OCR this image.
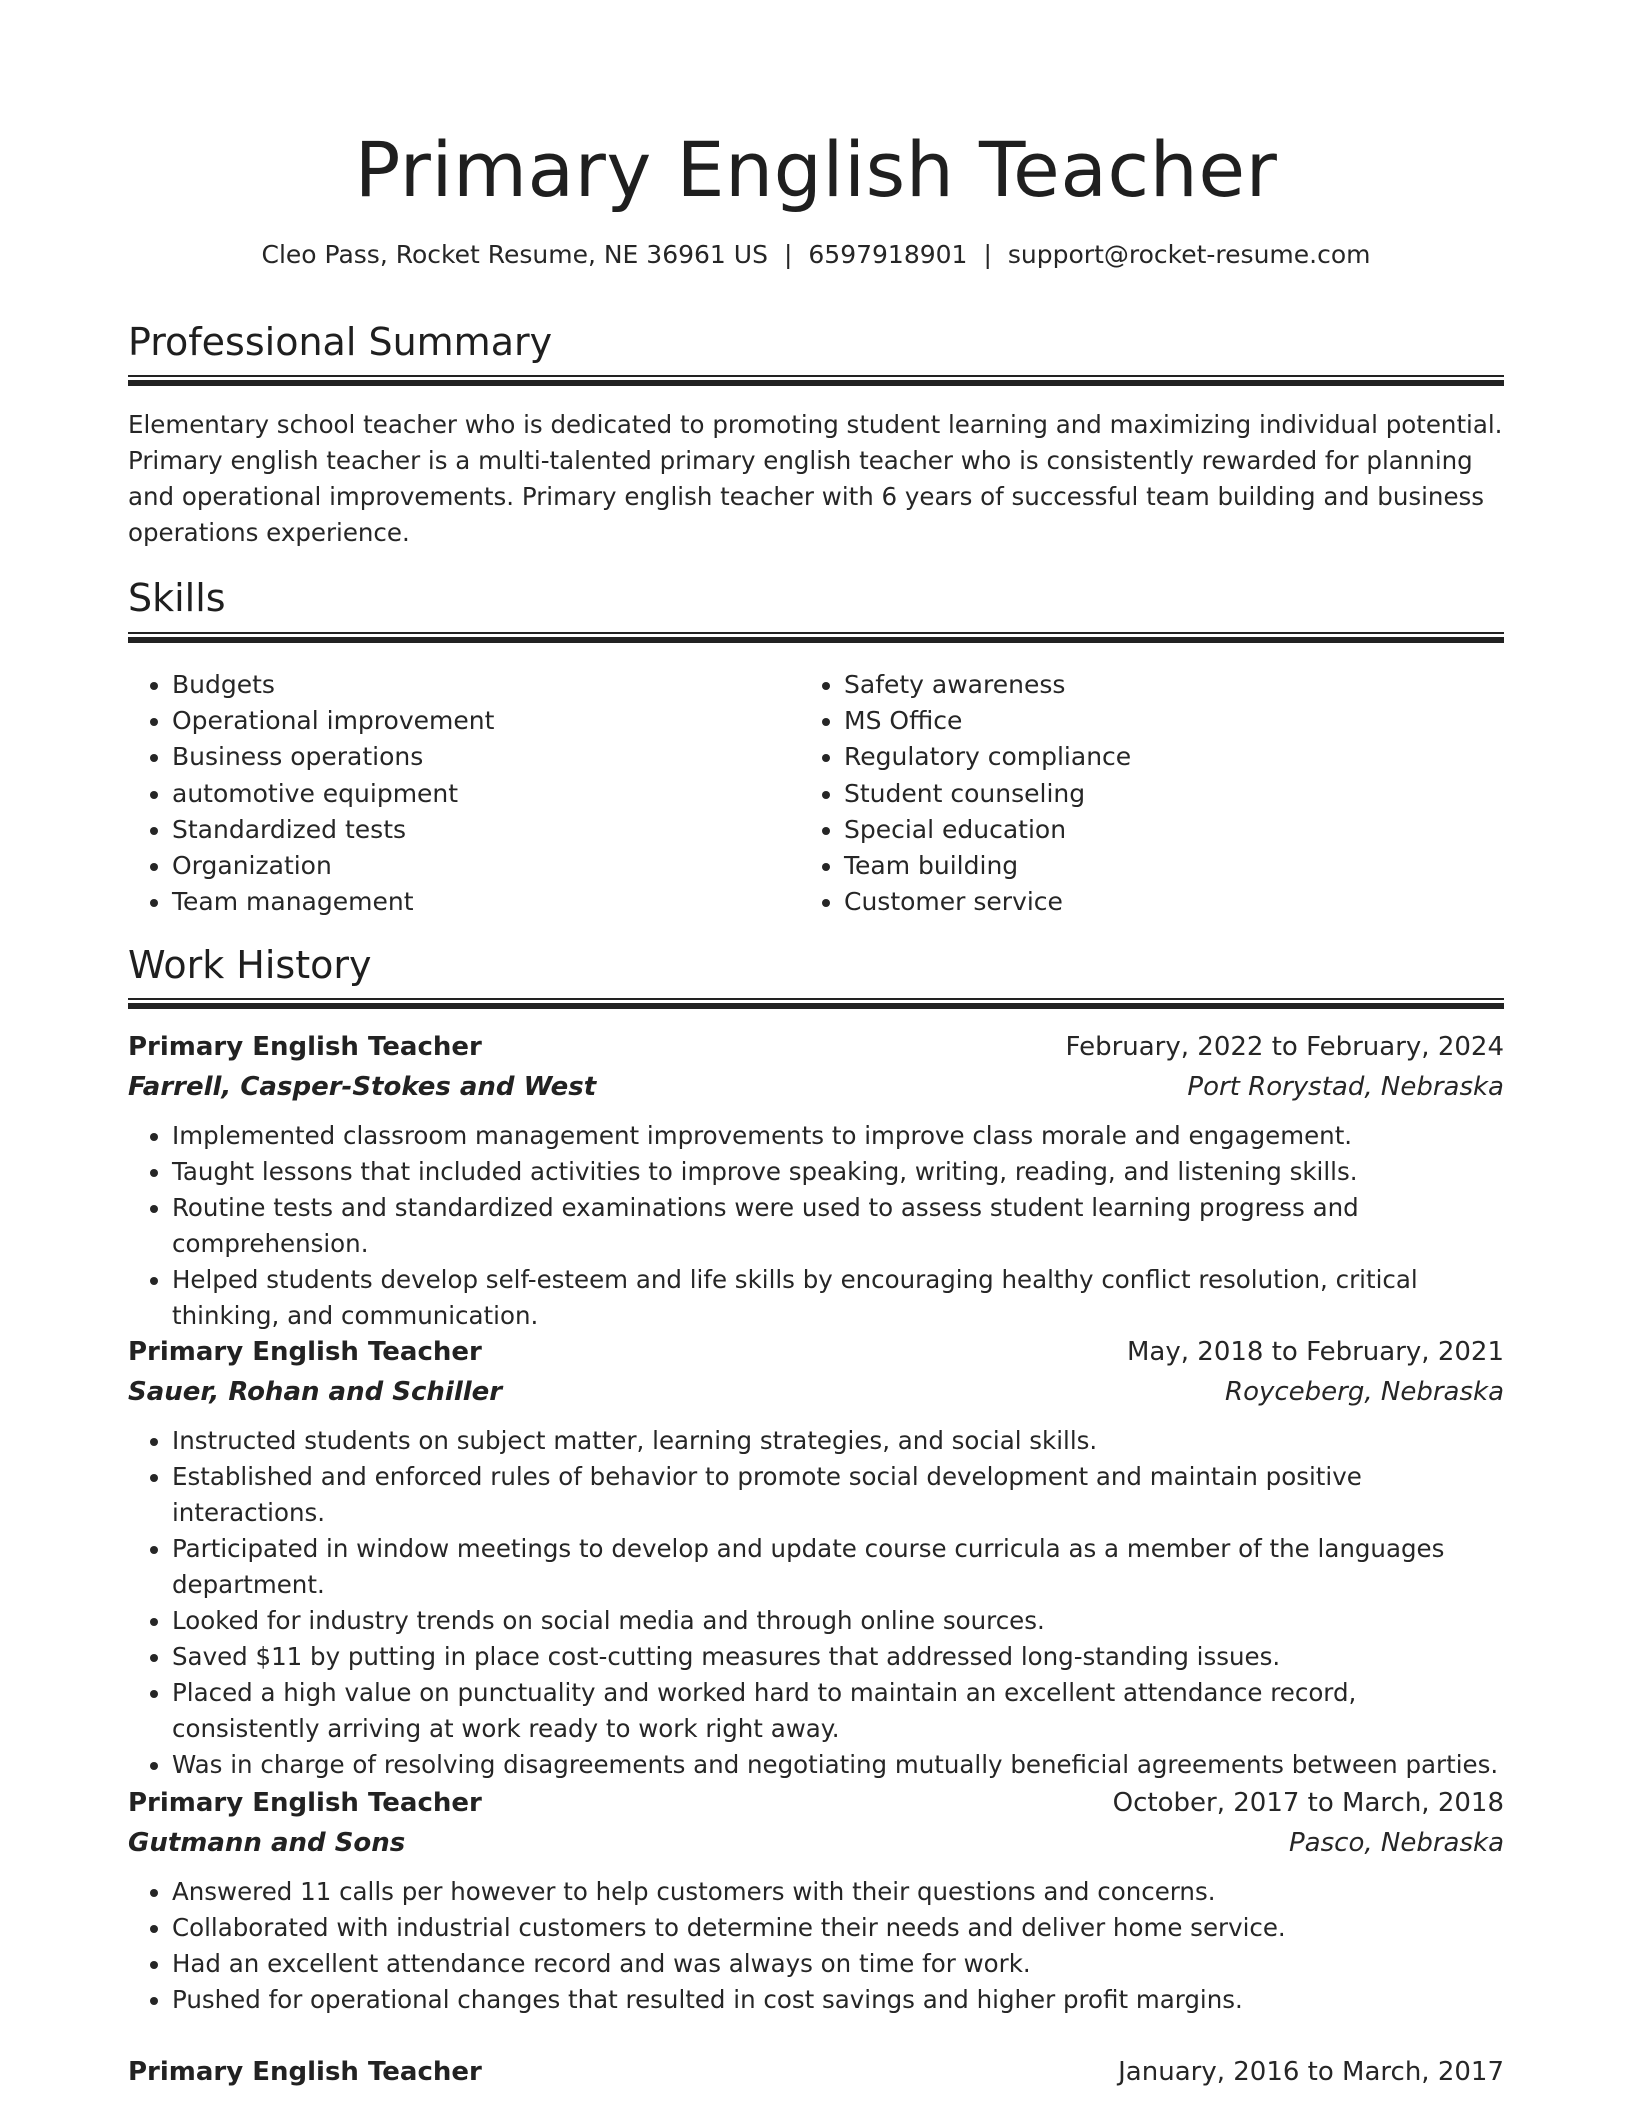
Primary English Teacher
Cleo Pass, Rocket Resume, NE 36961 US | 6597918901 | support@rocket-resume.com
Professional Summary

Elementary school teacher who is dedicated to promoting student learning and maximizing individual potential. Primary english teacher is a multi-talented primary english teacher who is consistently rewarded for planning and operational improvements. Primary english teacher with 6 years of successful team building and business operations experience.

Skills
• Budgets
• Operational improvement
• Business operations
• automotive equipment
• Standardized tests
• Organization
• Team management
• Safety awareness
• MS Office
• Regulatory compliance
• Student counseling
• Special education
• Team building
• Customer service
Work History
Primary English Teacher	February, 2022 to February, 2024
Farrell, Casper-Stokes and West	Port Rorystad, Nebraska
• Implemented classroom management improvements to improve class morale and engagement.
• Taught lessons that included activities to improve speaking, writing, reading, and listening skills.
• Routine tests and standardized examinations were used to assess student learning progress and comprehension.
• Helped students develop self-esteem and life skills by encouraging healthy conflict resolution, critical thinking, and communication.
Primary English Teacher	May, 2018 to February, 2021
Sauer, Rohan and Schiller	Royceberg, Nebraska
• Instructed students on subject matter, learning strategies, and social skills.
• Established and enforced rules of behavior to promote social development and maintain positive interactions.
• Participated in window meetings to develop and update course curricula as a member of the languages department.
• Looked for industry trends on social media and through online sources.
• Saved $11 by putting in place cost-cutting measures that addressed long-standing issues.
• Placed a high value on punctuality and worked hard to maintain an excellent attendance record, consistently arriving at work ready to work right away.
• Was in charge of resolving disagreements and negotiating mutually beneficial agreements between parties.
Primary English Teacher	October, 2017 to March, 2018
Gutmann and Sons	Pasco, Nebraska
• Answered 11 calls per however to help customers with their questions and concerns.
• Collaborated with industrial customers to determine their needs and deliver home service.
• Had an excellent attendance record and was always on time for work.
• Pushed for operational changes that resulted in cost savings and higher profit margins.
Primary English Teacher	January, 2016 to March, 2017
